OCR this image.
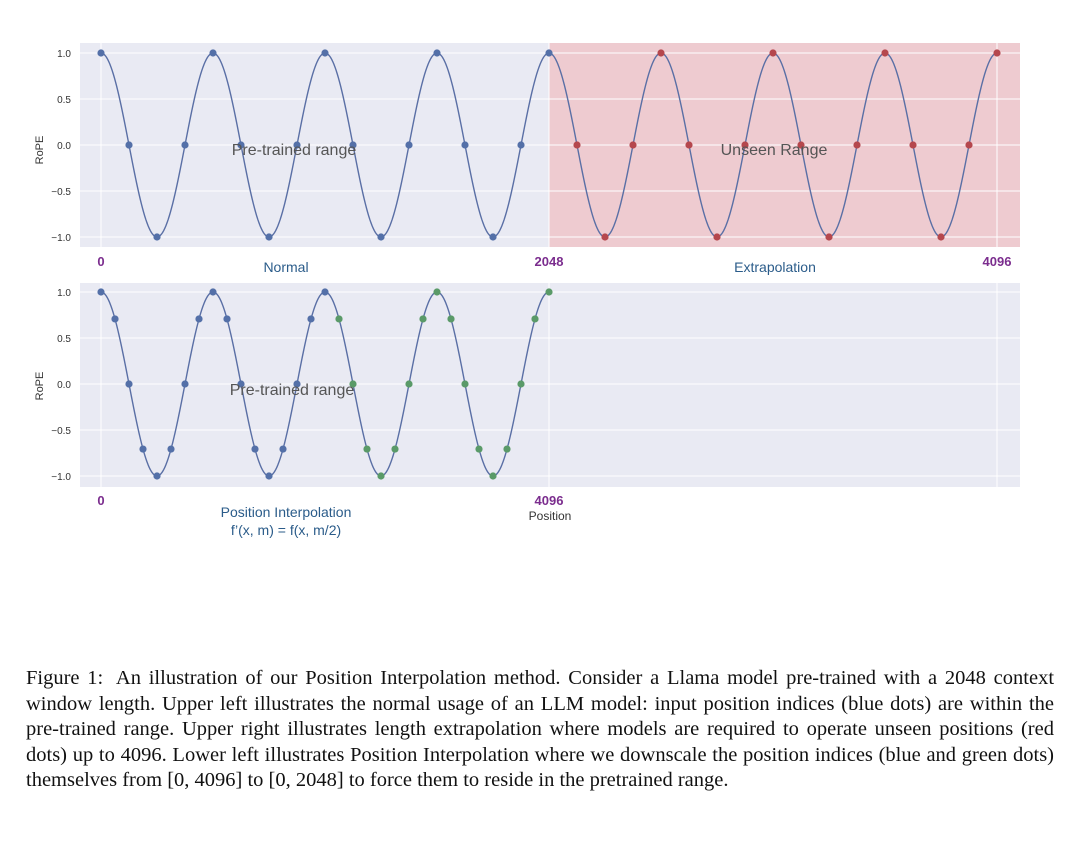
RoPE
1.0
0.5
0.0
−0.5
−1.0
Pre-trained range	Unseen Range
0	2048	4096
Normal	Extrapolation
RoPE
1.0
0.5
0.0
−0.5
−1.0
Pre-trained range
0	4096
Position
Position Interpolation
f’(x, m) = f(x, m/2)

Figure 1: An illustration of our Position Interpolation method. Consider a Llama model pre-trained with a 2048 context window length. Upper left illustrates the normal usage of an LLM model: input position indices (blue dots) are within the pre-trained range. Upper right illustrates length extrapolation where models are required to operate unseen positions (red dots) up to 4096. Lower left illustrates Position Interpolation where we downscale the position indices (blue and green dots) themselves from [0, 4096] to [0, 2048] to force them to reside in the pretrained range.
